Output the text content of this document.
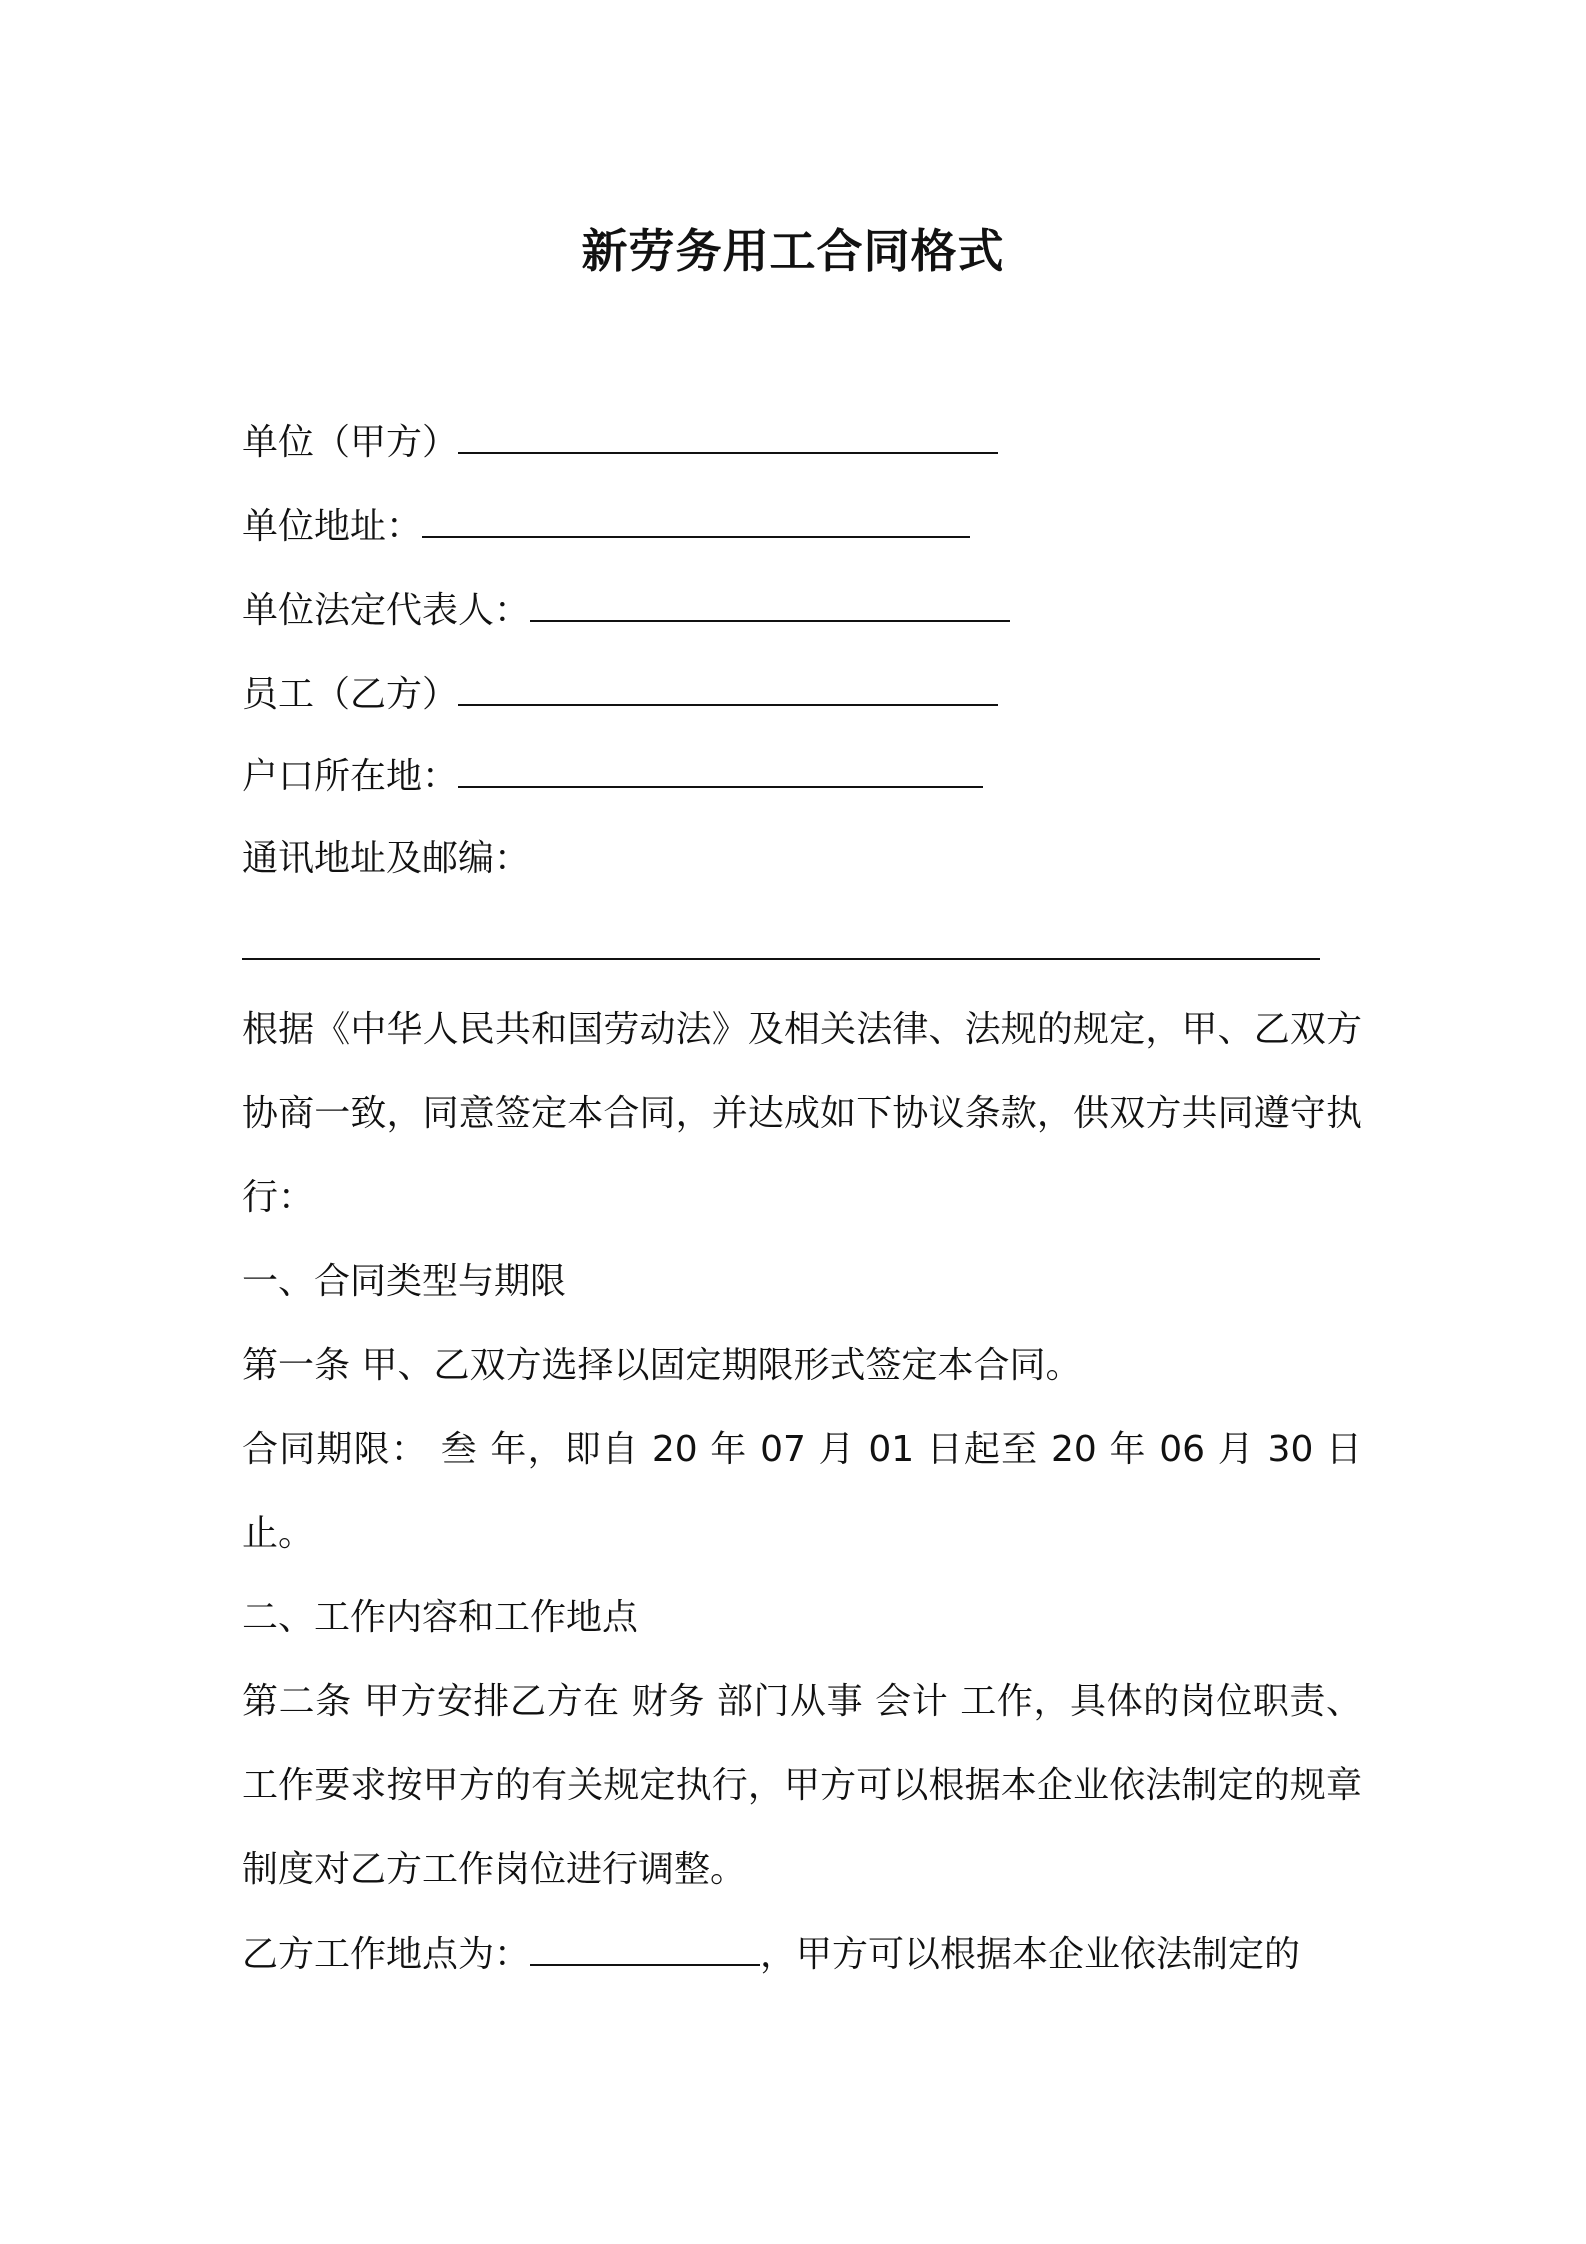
新劳务用工合同格式

单位（甲方）

单位地址：

单位法定代表人：

员工（乙方）

户口所在地：

通讯地址及邮编：

根据《中华人民共和国劳动法》及相关法律、法规的规定，甲、乙双方协商一致，同意签定本合同，并达成如下协议条款，供双方共同遵守执行：

一、合同类型与期限

第一条 甲、乙双方选择以固定期限形式签定本合同。

合同期限： 叁 年，即自 20 年 07 月 01 日起至 20 年 06 月 30 日止。

二、工作内容和工作地点

第二条 甲方安排乙方在 财务 部门从事 会计 工作，具体的岗位职责、工作要求按甲方的有关规定执行，甲方可以根据本企业依法制定的规章制度对乙方工作岗位进行调整。

乙方工作地点为：	，甲方可以根据本企业依法制定的
